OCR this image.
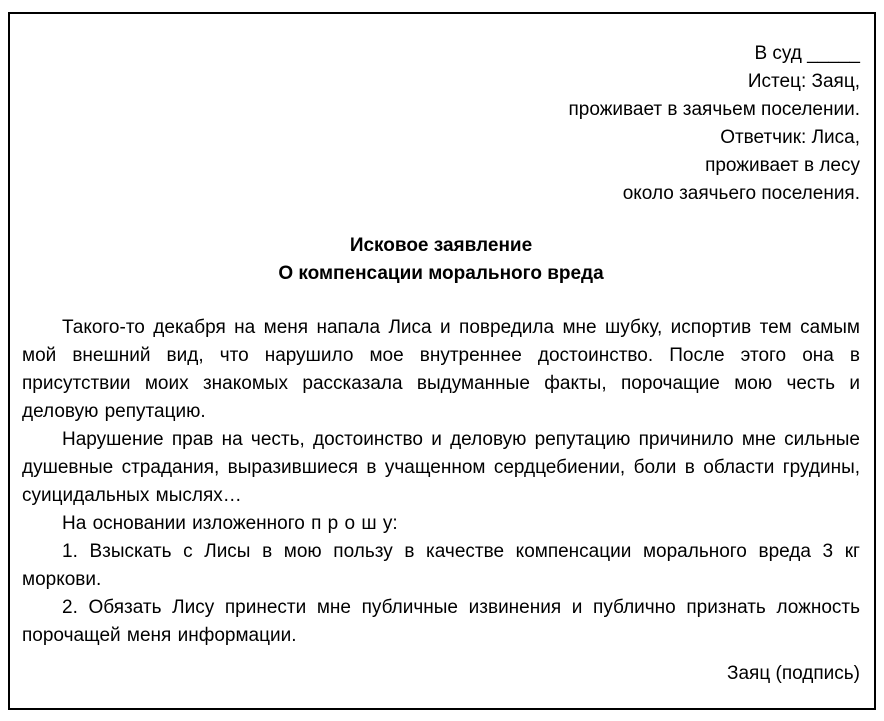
В суд _____
Истец: Заяц,
проживает в заячьем поселении.
Ответчик: Лиса,
проживает в лесу
около заячьего поселения.
Исковое заявление
О компенсации морального вреда

Такого-то декабря на меня напала Лиса и повредила мне шубку, испортив тем самым мой внешний вид, что нарушило мое внутреннее достоинство. После этого она в присутствии моих знакомых рассказала выдуманные факты, порочащие мою честь и деловую репутацию.

Нарушение прав на честь, достоинство и деловую репутацию причинило мне сильные душевные страдания, выразившиеся в учащенном сердцебиении, боли в области грудины, суицидальных мыслях…

На основании изложенного п р о ш у:

1. Взыскать с Лисы в мою пользу в качестве компенсации морального вреда 3 кг моркови.

2. Обязать Лису принести мне публичные извинения и публично признать ложность порочащей меня информации.

Заяц (подпись)
